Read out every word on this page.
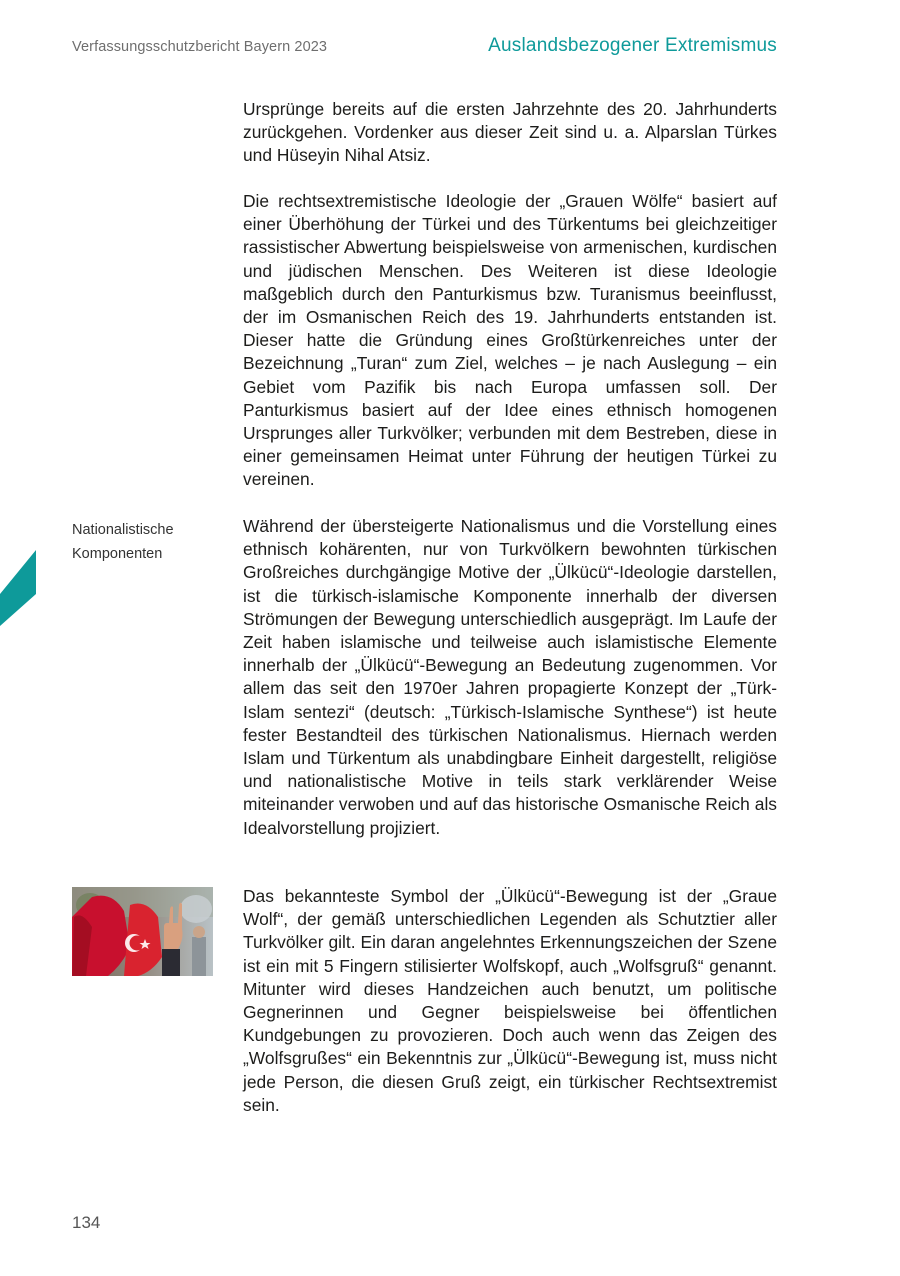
Verfassungsschutzbericht Bayern 2023	Auslandsbezogener Extremismus

Ursprünge bereits auf die ersten Jahrzehnte des 20. Jahrhunderts zurückgehen. Vordenker aus dieser Zeit sind u. a. Alparslan Türkes und Hüseyin Nihal Atsiz.

Die rechtsextremistische Ideologie der „Grauen Wölfe“ basiert auf einer Überhöhung der Türkei und des Türkentums bei gleichzeitiger rassistischer Abwertung beispielsweise von armenischen, kurdischen und jüdischen Menschen. Des Weiteren ist diese Ideologie maßgeblich durch den Panturkismus bzw. Turanismus beeinflusst, der im Osmanischen Reich des 19. Jahrhunderts entstanden ist. Dieser hatte die Gründung eines Großtürkenreiches unter der Bezeichnung „Turan“ zum Ziel, welches – je nach Auslegung – ein Gebiet vom Pazifik bis nach Europa umfassen soll. Der Panturkismus basiert auf der Idee eines ethnisch homogenen Ursprunges aller Turkvölker; verbunden mit dem Bestreben, diese in einer gemeinsamen Heimat unter Führung der heutigen Türkei zu vereinen.

Nationalistische
Komponenten

Während der übersteigerte Nationalismus und die Vorstellung eines ethnisch kohärenten, nur von Turkvölkern bewohnten türkischen Großreiches durchgängige Motive der „Ülkücü“-Ideologie darstellen, ist die türkisch-islamische Komponente innerhalb der diversen Strömungen der Bewegung unterschiedlich ausgeprägt. Im Laufe der Zeit haben islamische und teilweise auch islamistische Elemente innerhalb der „Ülkücü“-Bewegung an Bedeutung zugenommen. Vor allem das seit den 1970er Jahren propagierte Konzept der „Türk-Islam sentezi“ (deutsch: „Türkisch-Islamische Synthese“) ist heute fester Bestandteil des türkischen Nationalismus. Hiernach werden Islam und Türkentum als unabdingbare Einheit dargestellt, religiöse und nationalistische Motive in teils stark verklärender Weise miteinander verwoben und auf das historische Osmanische Reich als Idealvorstellung projiziert.

Das bekannteste Symbol der „Ülkücü“-Bewegung ist der „Graue Wolf“, der gemäß unterschiedlichen Legenden als Schutztier aller Turkvölker gilt. Ein daran angelehntes Erkennungszeichen der Szene ist ein mit 5 Fingern stilisierter Wolfskopf, auch „Wolfsgruß“ genannt. Mitunter wird dieses Handzeichen auch benutzt, um politische Gegnerinnen und Gegner beispielsweise bei öffentlichen Kundgebungen zu provozieren. Doch auch wenn das Zeigen des „Wolfsgrußes“ ein Bekenntnis zur „Ülkücü“-Bewegung ist, muss nicht jede Person, die diesen Gruß zeigt, ein türkischer Rechtsextremist sein.

134
